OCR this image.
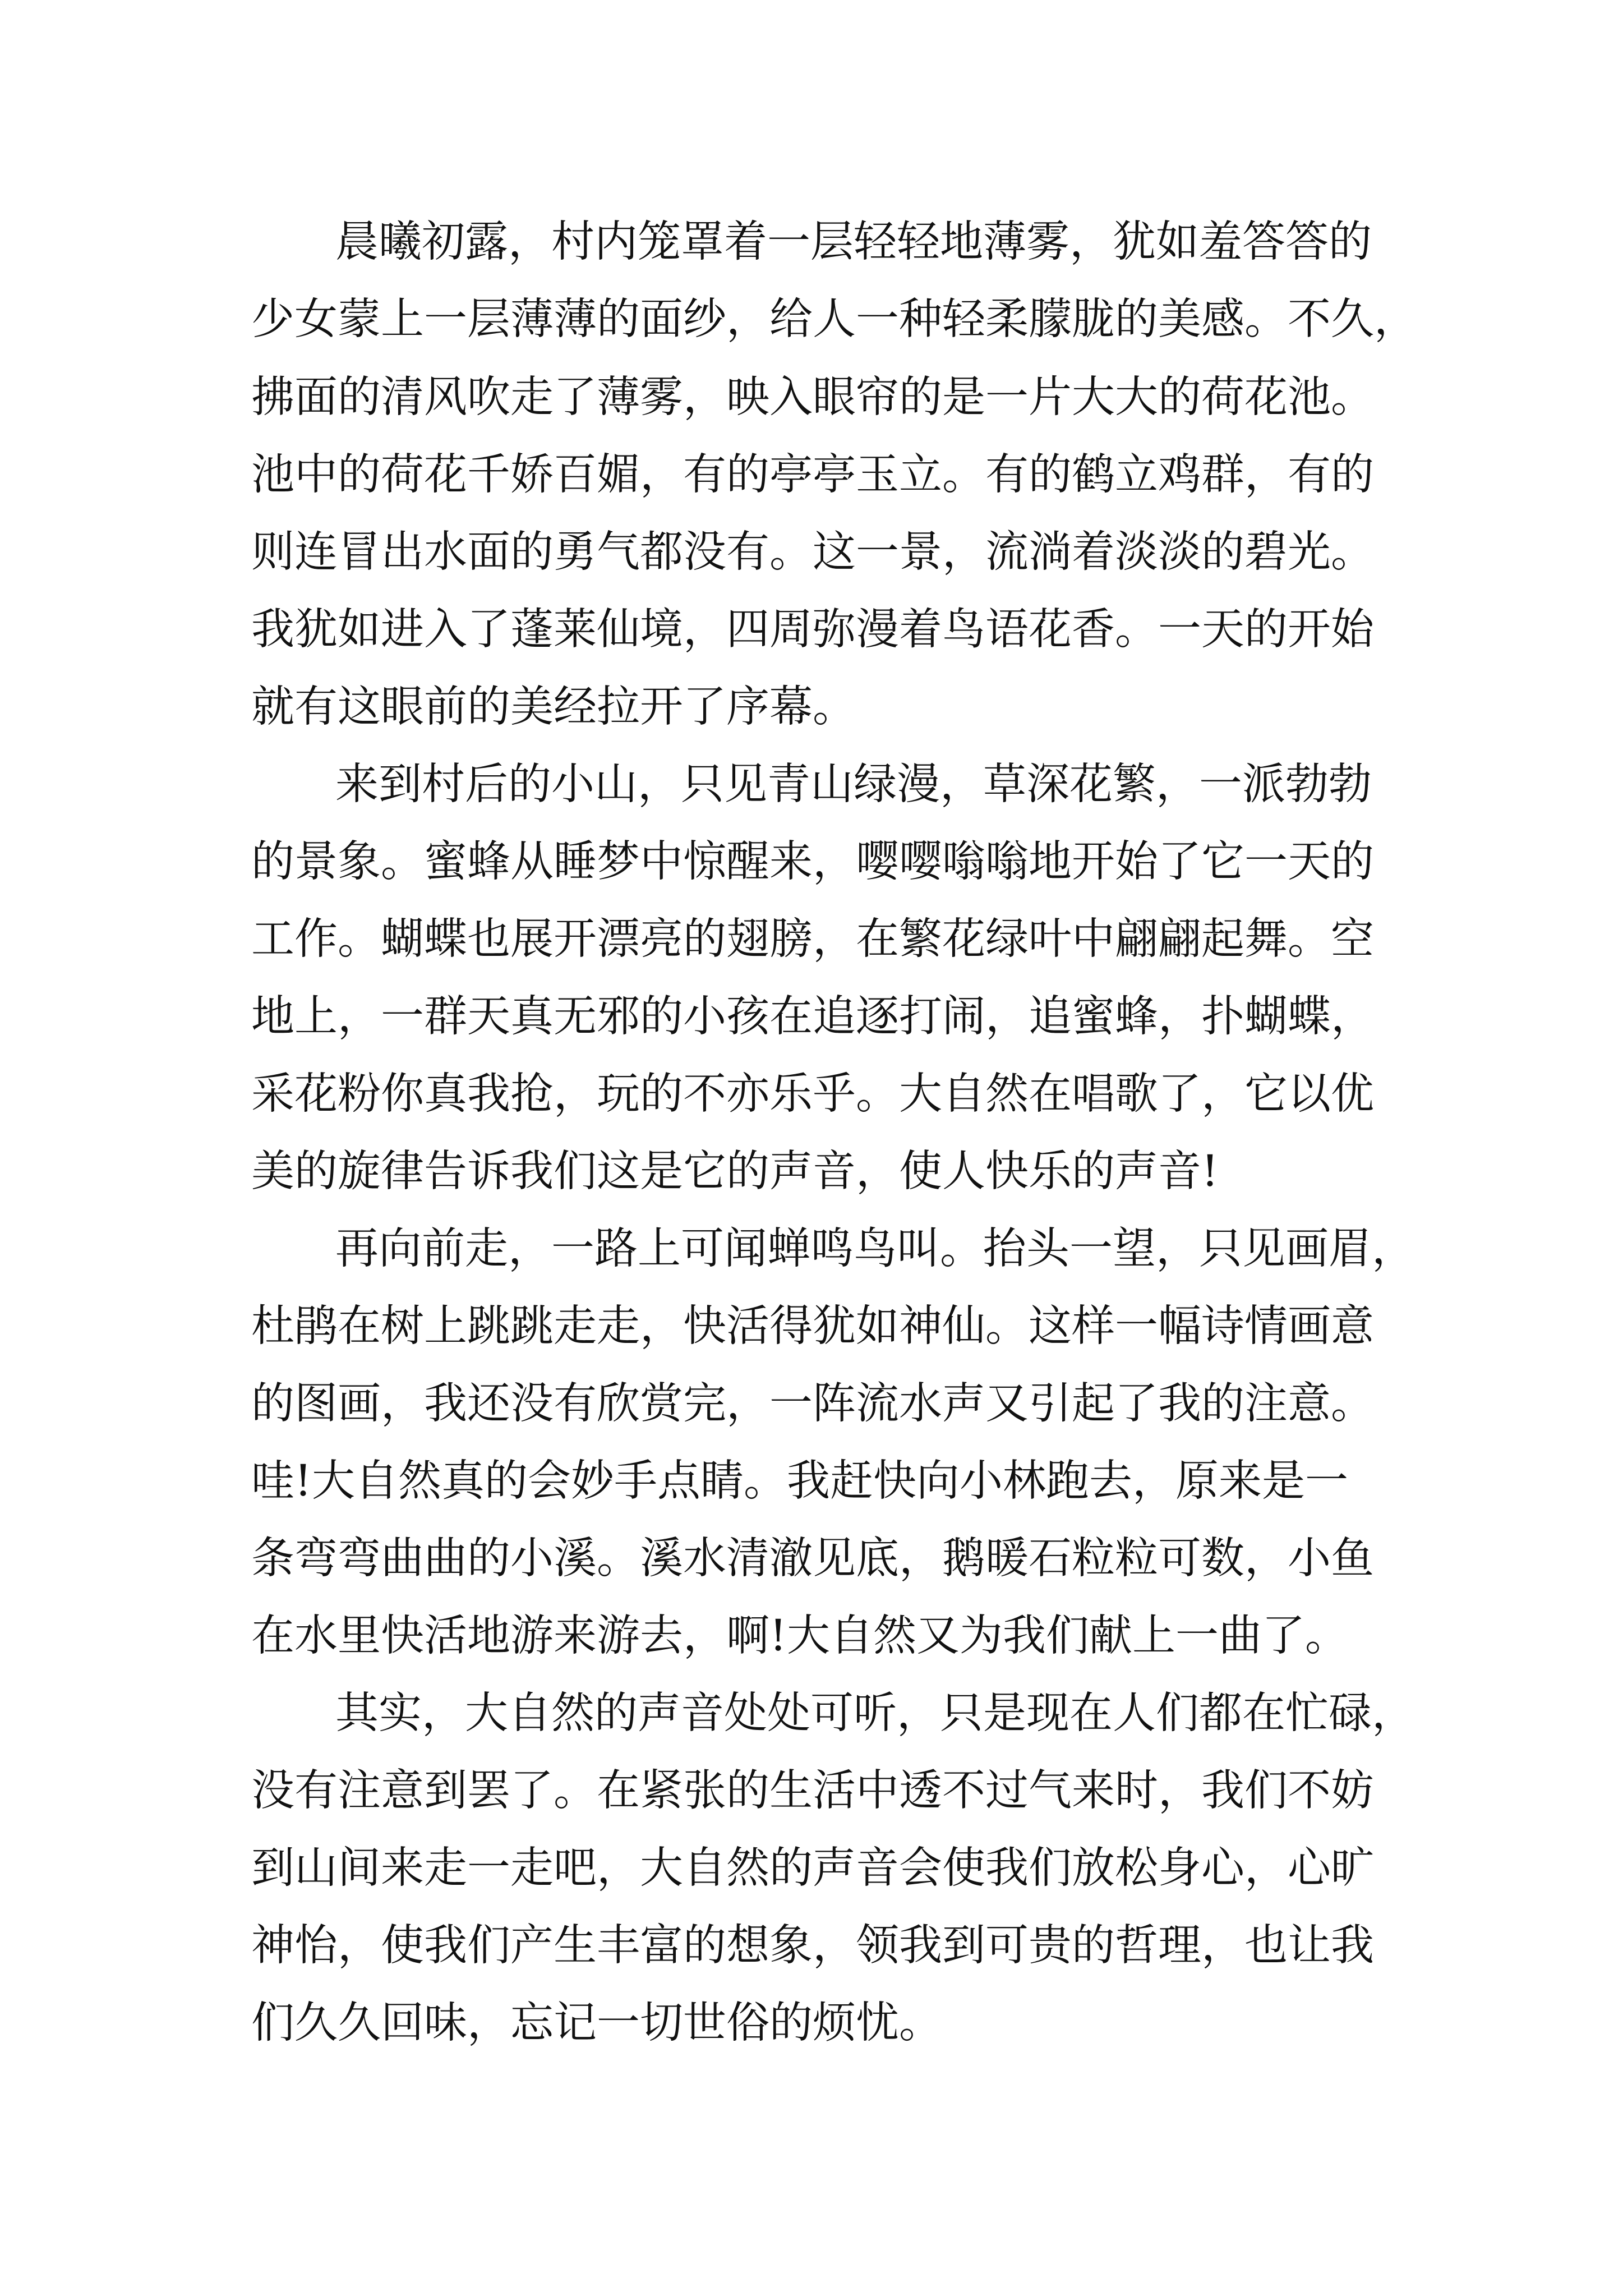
晨曦初露，村内笼罩着一层轻轻地薄雾，犹如羞答答的
少女蒙上一层薄薄的面纱，给人一种轻柔朦胧的美感。不久，
拂面的清风吹走了薄雾，映入眼帘的是一片大大的荷花池。
池中的荷花千娇百媚，有的亭亭玉立。有的鹤立鸡群，有的
则连冒出水面的勇气都没有。这一景，流淌着淡淡的碧光。
我犹如进入了蓬莱仙境，四周弥漫着鸟语花香。一天的开始
就有这眼前的美经拉开了序幕。
来到村后的小山，只见青山绿漫，草深花繁，一派勃勃
的景象。蜜蜂从睡梦中惊醒来，嘤嘤嗡嗡地开始了它一天的
工作。蝴蝶也展开漂亮的翅膀，在繁花绿叶中翩翩起舞。空
地上，一群天真无邪的小孩在追逐打闹，追蜜蜂，扑蝴蝶，
采花粉你真我抢，玩的不亦乐乎。大自然在唱歌了，它以优
美的旋律告诉我们这是它的声音，使人快乐的声音!
再向前走，一路上可闻蝉鸣鸟叫。抬头一望，只见画眉，
杜鹃在树上跳跳走走，快活得犹如神仙。这样一幅诗情画意
的图画，我还没有欣赏完，一阵流水声又引起了我的注意。
哇!大自然真的会妙手点睛。我赶快向小林跑去，原来是一
条弯弯曲曲的小溪。溪水清澈见底，鹅暖石粒粒可数，小鱼
在水里快活地游来游去，啊!大自然又为我们献上一曲了。
其实，大自然的声音处处可听，只是现在人们都在忙碌，
没有注意到罢了。在紧张的生活中透不过气来时，我们不妨
到山间来走一走吧，大自然的声音会使我们放松身心，心旷
神怡，使我们产生丰富的想象，领我到可贵的哲理，也让我
们久久回味，忘记一切世俗的烦忧。
